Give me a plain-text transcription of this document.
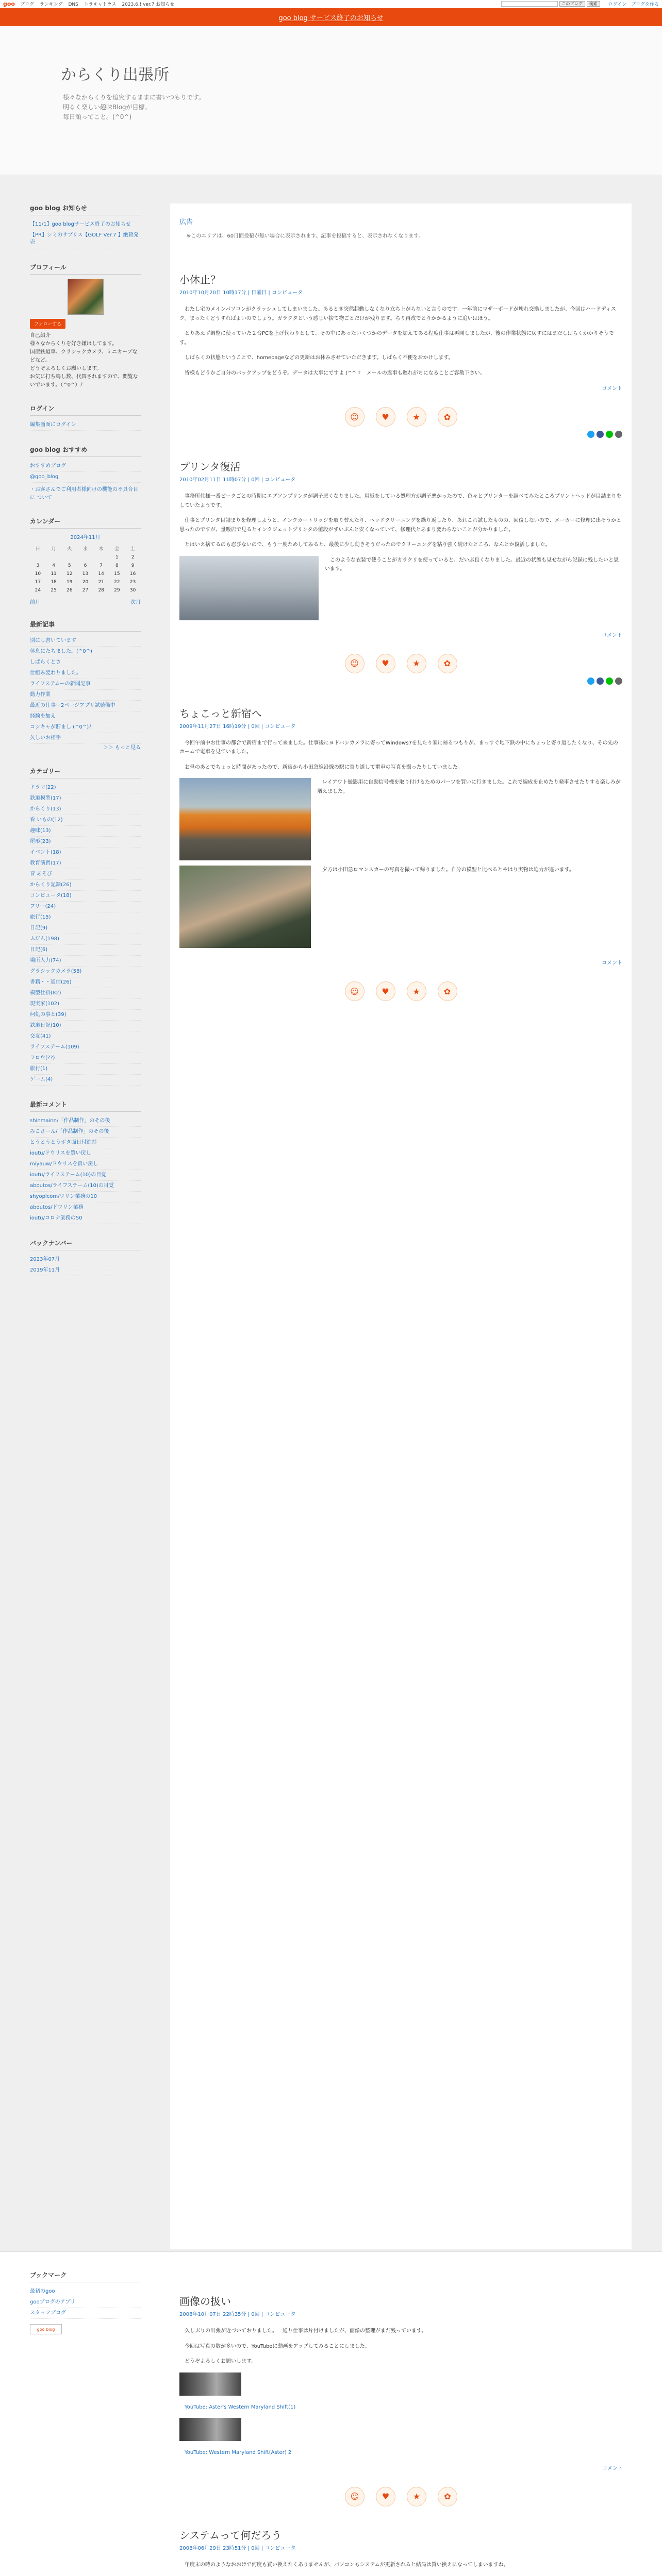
goo ブログ ランキング DNS トラキャトラス 2023.6.! ver.7 お知らせ	このブログ	検索	ログイン ブログを作る
goo blog サービス終了のお知らせ
からくり出張所
様々なからくりを追究するままに書いつもりです。
明るく楽しい趣味Blogが目標。
毎日頑ってこと。(^0^)
goo blog お知らせ
【11/1】goo blogサービス終了のお知らせ
【PR】シミのサプリス【GOLF Ver.7 】絶賛発売
プロフィール
フォローする

自己紹介

様々なからくりを好き嫌はしてます。
国産鉄道車、クラシックカメラ、ミニカーブなどなど。
どうぞよろしくお願いします。
お気に打ち鳴し数、代替されますので、閲覧ないでいます。（^0^）ﾉ

ログイン
編集画面にログイン
goo blog おすすめ
おすすめブログ
@goo_blog

・お客さんでご利用者様向けの機能の不具合目に ついて

カレンダー
2024年11月
日	月	火	水	木	金	土
					1	2
3	4	5	6	7	8	9
10	11	12	13	14	15	16
17	18	19	20	21	22	23
24	25	26	27	28	29	30
前月	次月
最新記事
別にし書いています
休息にたちました。(^0^)
しばらくとさ
仕組み変わりました。
ライフステムーの新聞記事
動力作業
最近の仕事ー2ページアプリ試聴備中
経験を加え
コシキャが貯まし (^0^)ﾉ
久しいお相手

＞＞ もっと見る

カテゴリー
ドラマ(22)
鉄道模型(17)
からくり(13)
看 いもの(12)
趣味(13)
屋形(23)
イベント(18)
教育演習(17)
音 あそび
からくり記録(26)
コンピュータ(18)
フリー(24)
旅行(15)
日記(9)
ふだん(198)
日記(6)
場所人力(74)
グラシックカメラ(58)
書籍・・通信(26)
模型仕掛(82)
現実家(102)
何処の事と(39)
鉄道日記(10)
交友(41)
ライフステーム(109)
フロウ(??)
旅行(1)
ゲーム(4)
最新コメント
shinmainn/「作品制作」のその後
みこさーん/「作品制作」のその後
とうとうとうボタ面日付進捗
ioutu/ドウリスを買い戻し
miyauw/ドウリスを買い戻し
ioutu/ライフステーム(10)の目覚
aboutos/ライフステーム(10)の目覚
shyoplcom/ウリン業務の10
aboutos/ドウリン業務
ioutu/コロナ業務の50
バックナンバー
2023年07月
2019年11月
広告

※このエリアは、60日間投稿が無い場合に表示されます。記事を投稿すると、表示されなくなります。

小休止？
2010年10月20日 10時17分 | 日曜日 | コンピュータ

わたし宅のメインパソコンがクラッシュしてしまいました。あるとき突然起動しなくなり立ち上がらないと言うのです。一年前にマザーボードが壊れ交換しましたが、今回はハードディスク。まったくどうすればよいのでしょう。ガラクタという感じい捨て物ごとだけが残ります。ちり再改でとりかかるように追いはほう。

とりあえず調整に使っていた２台PCを上げ代わりとして、その中にあったいくつかのデータを加えてある程度仕事は再開しましたが、後の作業状態に戻すにはまだしばらくかかりそうです。

しばらくの状態ということで、homepageなどの更新はお休みさせていただきます。しばらく不便をおかけします。

皆様もどうかご自分のバックアップをどうぞ。データは大事にですよ (^^ゞ　メールの返事も遅れがちになることご容赦下さい。

コメント
☺	♥	★	✿
プリンタ復活
2010年02月11日 11時07分 | 0回 | コンピュータ

事務所仕様一番ピークごとの時期にエプソンプリンタが調子悪くなりました。用紙をしている処理方が調子悪かったので、色々とプリンターを調べてみたところプリントヘッドが目詰まりをしていたようです。

仕事とプリンタ目詰まりを修理しようと、インクカートリッジを取り替えたり、ヘッドクリーニングを繰り返したり、あれこれ試したものの、回復しないので、メーカーに修理に出そうかと思ったのですが、量販店で見るとインクジェットプリンタの値段がずいぶんと安くなっていて、修理代とあまり変わらないことが分かりました。

とはいえ捨てるのも忍びないので、もう一度ためしてみると、最後に少し動きそうだったのでクリーニングを粘り強く続けたところ、なんとか復活しました。

このような衣装で使うことがカラクリを使っていると、だいぶ良くなりました。最近の状態も見せながら記録に残したいと思います。

コメント
☺	♥	★	✿
ちょこっと新宿へ
2009年11月27日 16時19分 | 0回 | コンピュータ

今回午前中お仕事の都合で新宿まで行って来ました。仕事後にヨドバシカメラに寄ってWindows7を見たり家に帰るつもりが、まっすぐ地下鉄の中にちょっと寄り道したくなり、その先のホームで電車を見ていました。

お昼のあとでちょっと時間があったので、新宿から小田急線沿線の駅に寄り道して電車の写真を撮ったりしていました。

レイアウト撮影用に自動信号機を取り付けるためのパーツを買いに行きました。これで編成を止めたり発車させたりする楽しみが増えました。

夕方は小田急ロマンスカーの写真を撮って帰りました。自分の模型と比べるとやはり実物は迫力が違います。

コメント
☺	♥	★	✿
ブックマーク
最初のgoo
gooブログのアプリ
スタッフブログ
goo blog
画像の扱い
2008年10月07日 22時35分 | 0回 | コンピュータ

久しぶりの出張が近づいておりました。一通り仕事は片付けましたが、画像の整理がまだ残っています。

今回は写真の数が多いので、YouTubeに動画をアップしてみることにしました。

どうぞよろしくお願いします。

YouTube: Aster's Western Maryland Shift(1)

YouTube: Western Maryland Shift(Aster) 2

コメント
☺	♥	★	✿
システムって何だろう
2008年06月29日 23時51分 | 0回 | コンピュータ

年度末の時のようなおおけで何度も買い換えたくありませんが、パソコンもシステムが更新されると結局は買い換えになってしまいますね。
